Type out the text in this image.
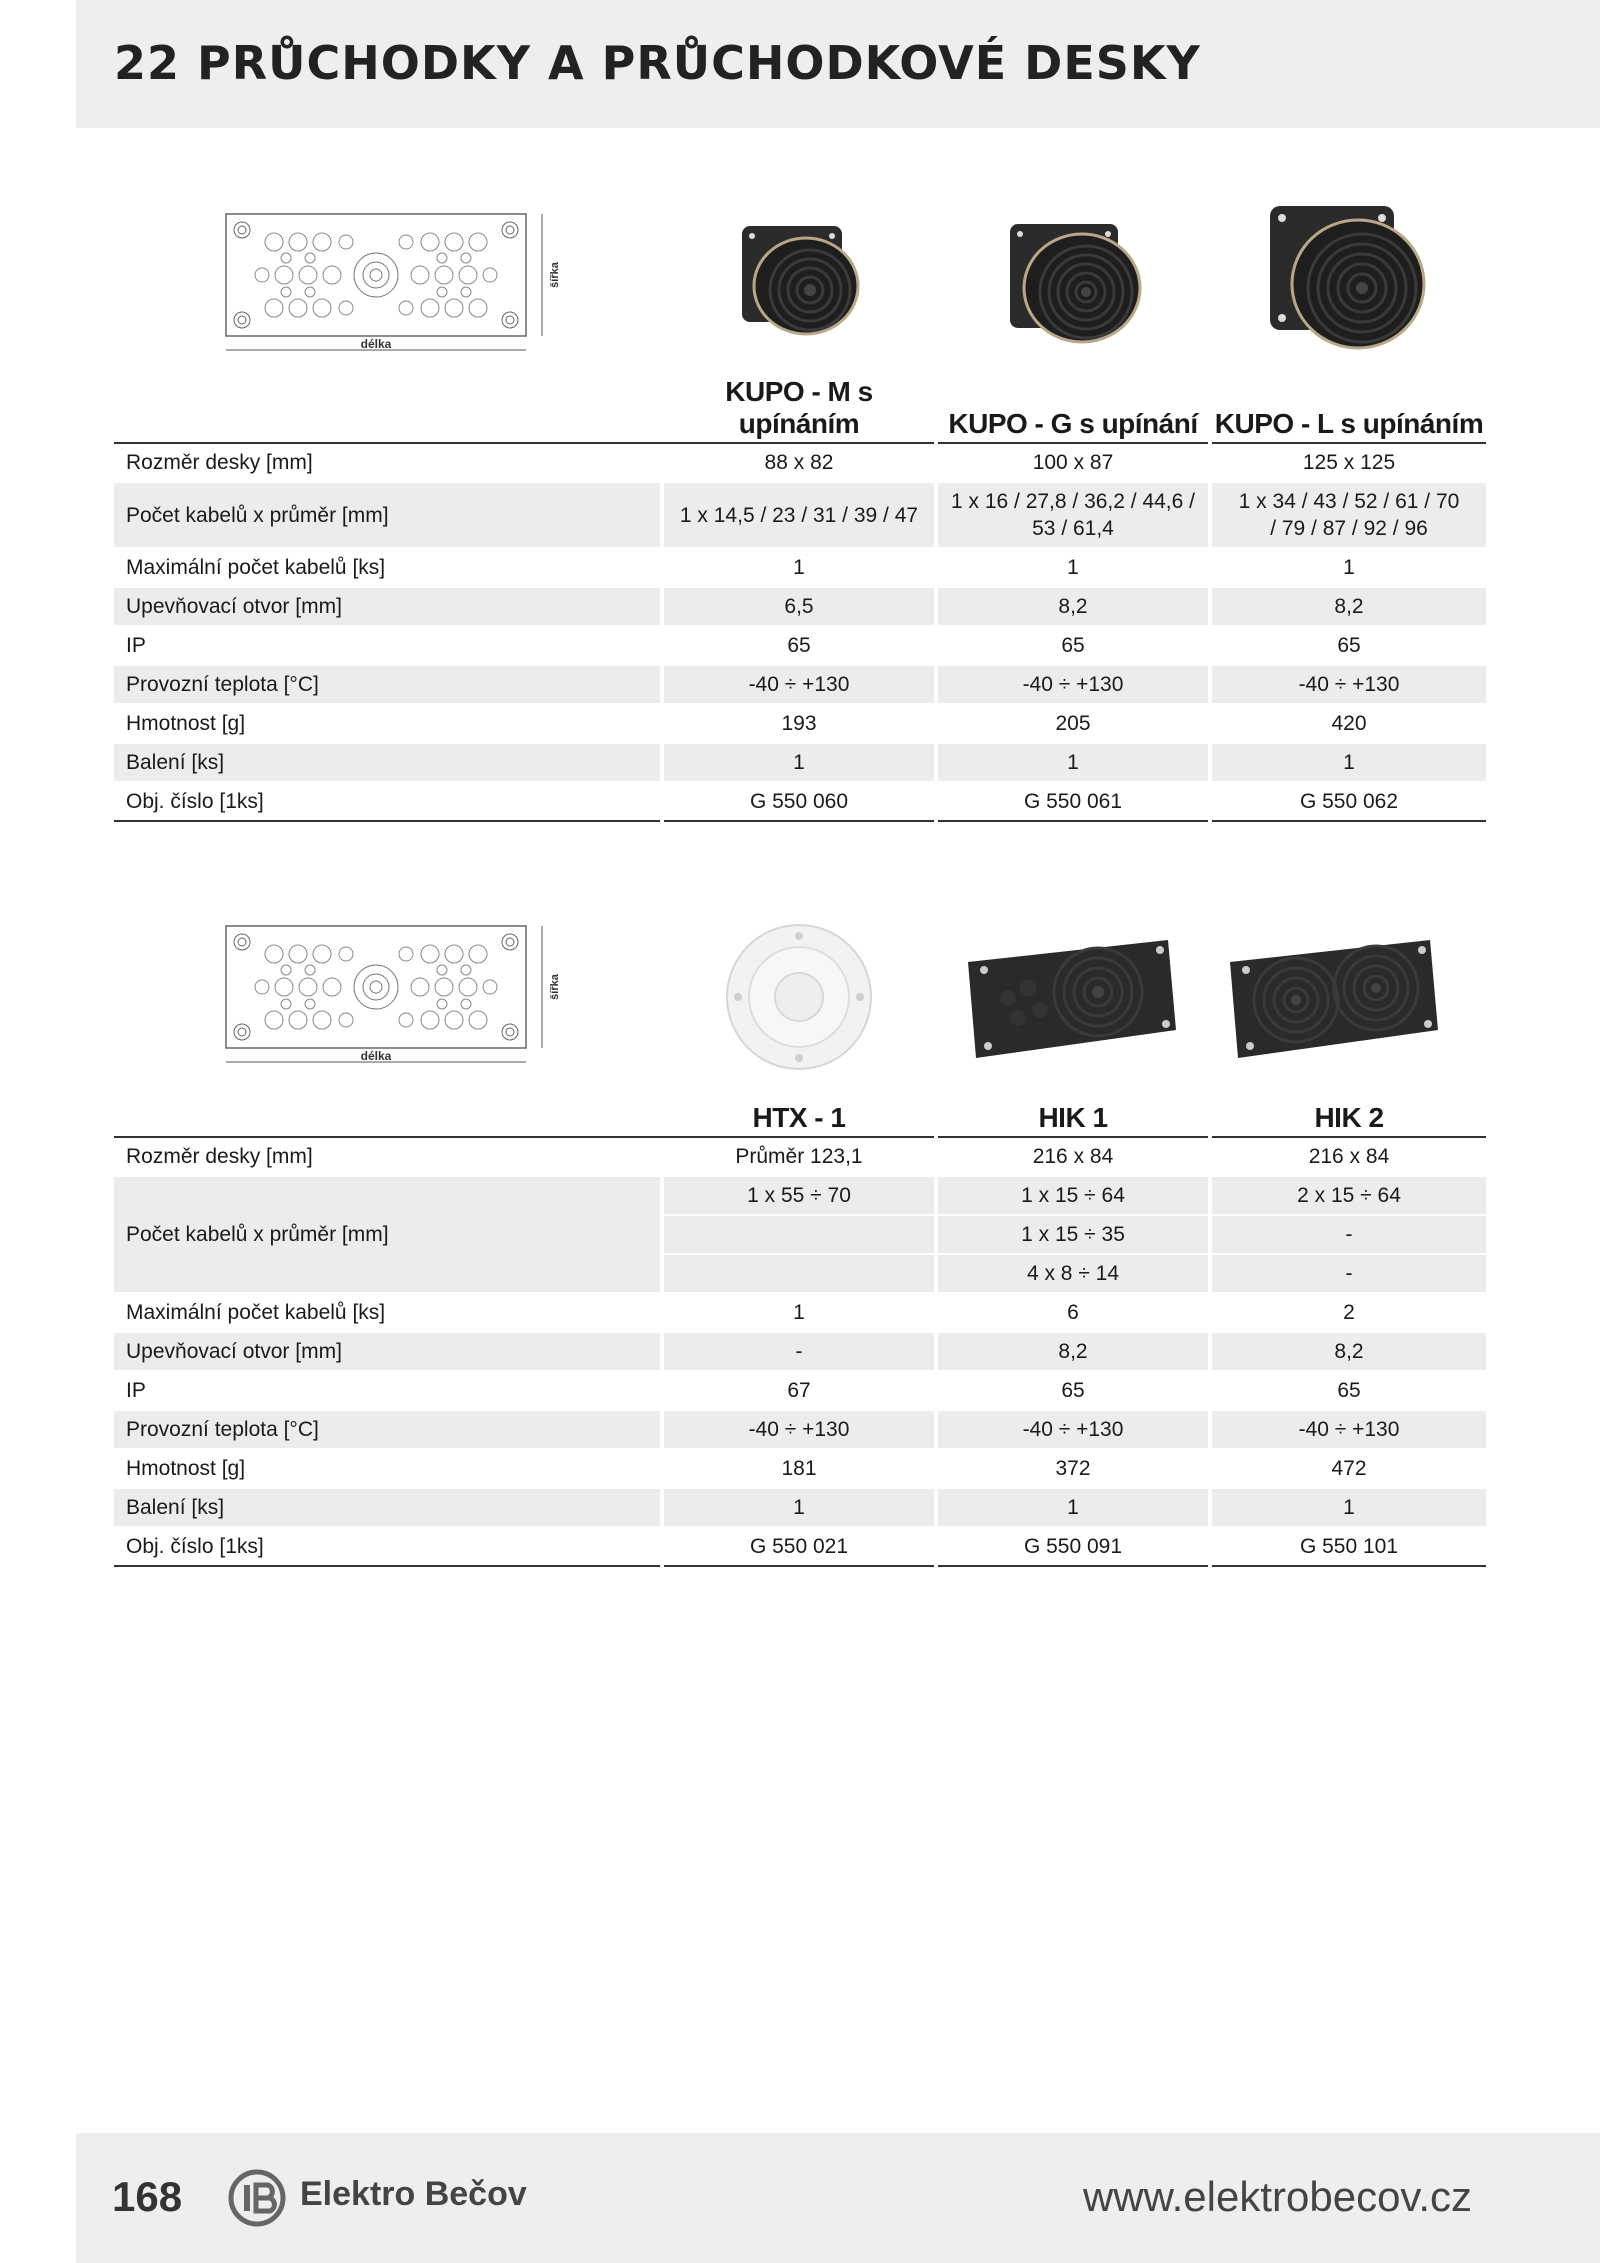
22 PRŮCHODKY A PRŮCHODKOVÉ DESKY
šířka
délka
		KUPO - M s upínáním		KUPO - G s upínání		KUPO - L s upínáním
Rozměr desky [mm]		88 x 82		100 x 87		125 x 125
Počet kabelů x průměr [mm]		1 x 14,5 / 23 / 31 / 39 / 47		1 x 16 / 27,8 / 36,2 / 44,6 / 53 / 61,4		1 x 34 / 43 / 52 / 61 / 70 / 79 / 87 / 92 / 96
Maximální počet kabelů [ks]		1		1		1
Upevňovací otvor [mm]		6,5		8,2		8,2
IP		65		65		65
Provozní teplota [°C]		-40 ÷ +130		-40 ÷ +130		-40 ÷ +130
Hmotnost [g]		193		205		420
Balení [ks]		1		1		1
Obj. číslo [1ks]		G 550 060		G 550 061		G 550 062
šířka
délka
		HTX - 1		HIK 1		HIK 2
Rozměr desky [mm]		Průměr 123,1		216 x 84		216 x 84
Počet kabelů x průměr [mm]		1 x 55 ÷ 70		1 x 15 ÷ 64		2 x 15 ÷ 64
				1 x 15 ÷ 35		-
				4 x 8 ÷ 14		-
Maximální počet kabelů [ks]		1		6		2
Upevňovací otvor [mm]		-		8,2		8,2
IP		67		65		65
Provozní teplota [°C]		-40 ÷ +130		-40 ÷ +130		-40 ÷ +130
Hmotnost [g]		181		372		472
Balení [ks]		1		1		1
Obj. číslo [1ks]		G 550 021		G 550 091		G 550 101
168	Elektro Bečov	www.elektrobecov.cz
